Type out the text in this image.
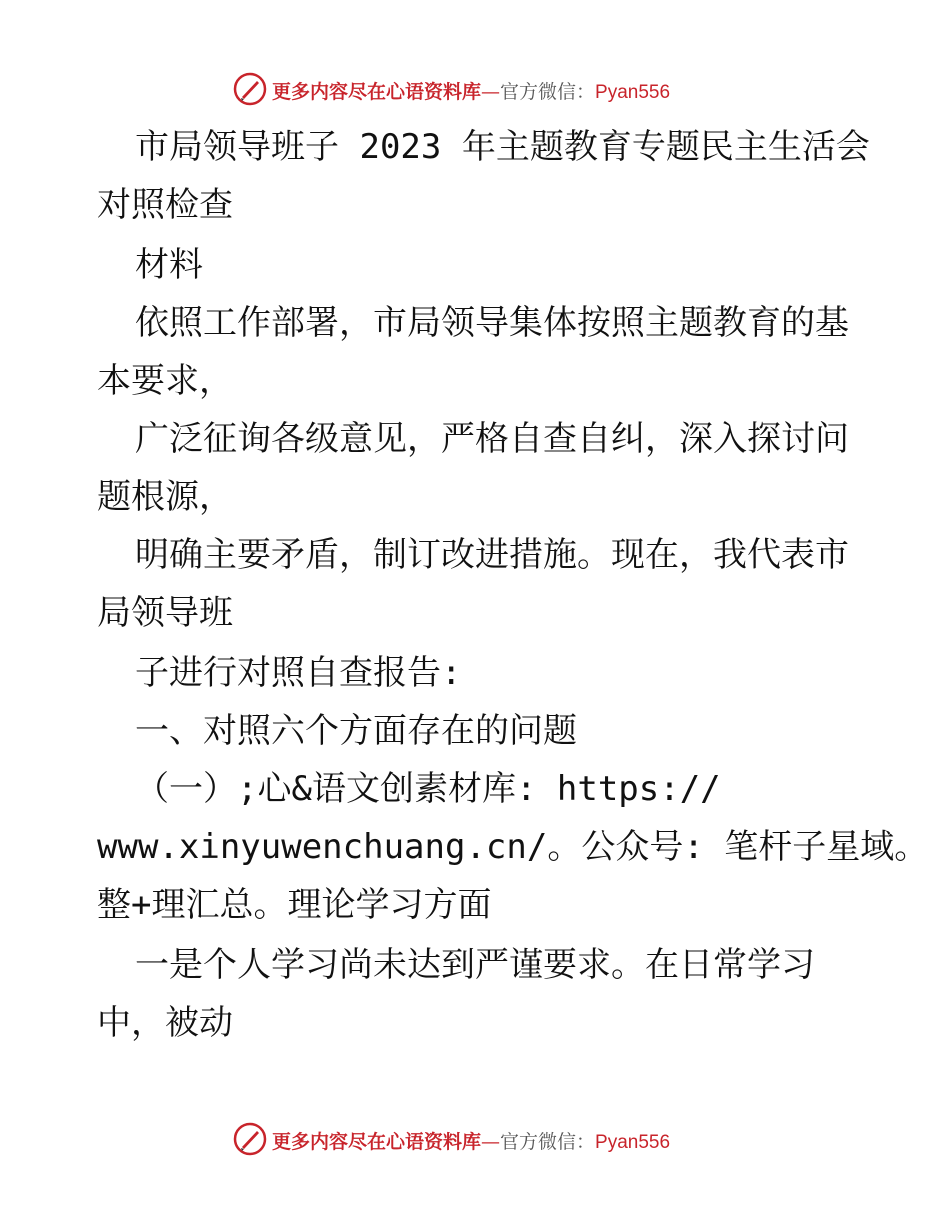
更多内容尽在心语资料库—官方微信：Pyan556
市局领导班子 2023 年主题教育专题民主生活会
对照检查
材料
依照工作部署，市局领导集体按照主题教育的基
本要求，
广泛征询各级意见，严格自查自纠，深入探讨问
题根源，
明确主要矛盾，制订改进措施。现在，我代表市
局领导班
子进行对照自查报告:
一、对照六个方面存在的问题
（一）;心&语文创素材库: https://
www.xinyuwenchuang.cn/。公众号: 笔杆子星域。
整+理汇总。理论学习方面
一是个人学习尚未达到严谨要求。在日常学习
中，被动
更多内容尽在心语资料库—官方微信：Pyan556
